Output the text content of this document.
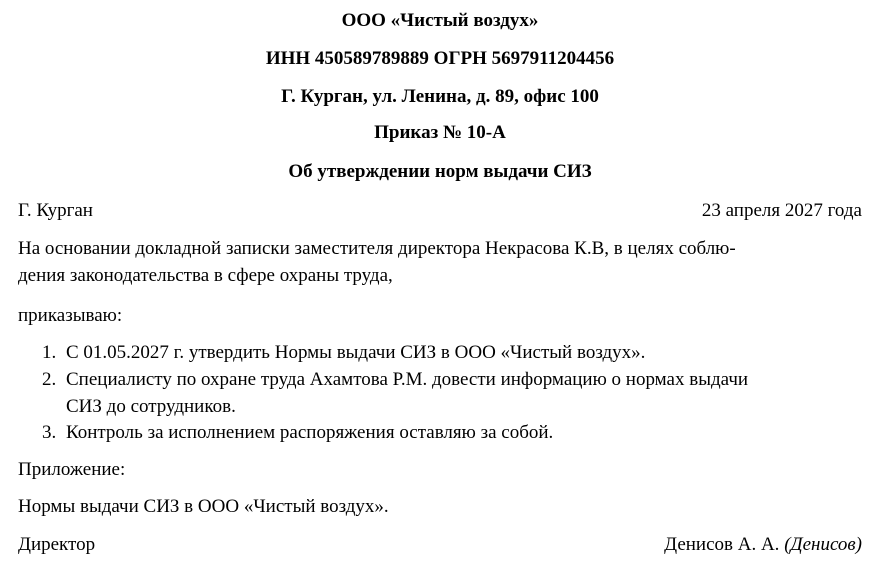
ООО «Чистый воздух»
ИНН 450589789889 ОГРН 5697911204456
Г. Курган, ул. Ленина, д. 89, офис 100
Приказ № 10-А
Об утверждении норм выдачи СИЗ
Г. Курган	23 апреля 2027 года
На основании докладной записки заместителя директора Некрасова К.В, в целях соблю-
дения законодательства в сфере охраны труда,
приказываю:
1. С 01.05.2027 г. утвердить Нормы выдачи СИЗ в ООО «Чистый воздух».
2. Специалисту по охране труда Ахамтова Р.М. довести информацию о нормах выдачи
СИЗ до сотрудников.
3. Контроль за исполнением распоряжения оставляю за собой.
Приложение:
Нормы выдачи СИЗ в ООО «Чистый воздух».
Директор	Денисов А. А. (Денисов)
